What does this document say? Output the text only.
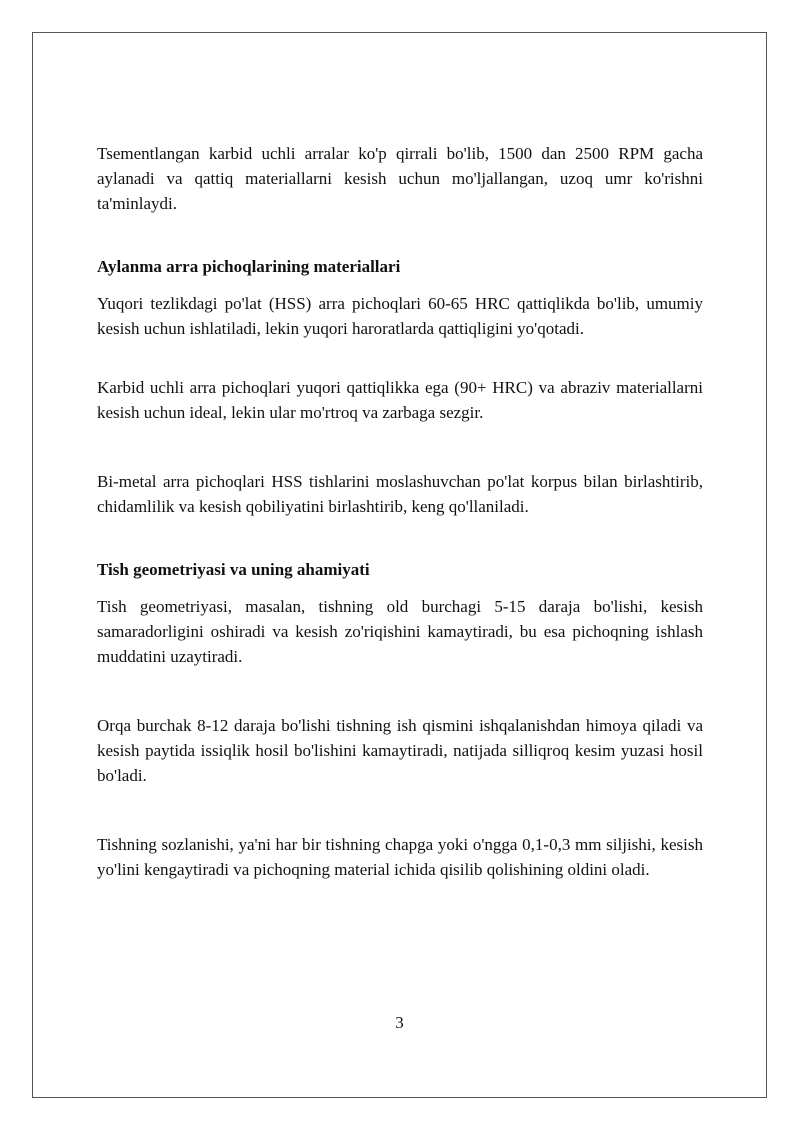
Tsementlangan karbid uchli arralar ko'p qirrali bo'lib, 1500 dan 2500 RPM gacha aylanadi va qattiq materiallarni kesish uchun mo'ljallangan, uzoq umr ko'rishni ta'minlaydi.

Aylanma arra pichoqlarining materiallari

Yuqori tezlikdagi po'lat (HSS) arra pichoqlari 60-65 HRC qattiqlikda bo'lib, umumiy kesish uchun ishlatiladi, lekin yuqori haroratlarda qattiqligini yo'qotadi.

Karbid uchli arra pichoqlari yuqori qattiqlikka ega (90+ HRC) va abraziv materiallarni kesish uchun ideal, lekin ular mo'rtroq va zarbaga sezgir.

Bi-metal arra pichoqlari HSS tishlarini moslashuvchan po'lat korpus bilan birlashtirib, chidamlilik va kesish qobiliyatini birlashtirib, keng qo'llaniladi.

Tish geometriyasi va uning ahamiyati

Tish geometriyasi, masalan, tishning old burchagi 5-15 daraja bo'lishi, kesish samaradorligini oshiradi va kesish zo'riqishini kamaytiradi, bu esa pichoqning ishlash muddatini uzaytiradi.

Orqa burchak 8-12 daraja bo'lishi tishning ish qismini ishqalanishdan himoya qiladi va kesish paytida issiqlik hosil bo'lishini kamaytiradi, natijada silliqroq kesim yuzasi hosil bo'ladi.

Tishning sozlanishi, ya'ni har bir tishning chapga yoki o'ngga 0,1-0,3 mm siljishi, kesish yo'lini kengaytiradi va pichoqning material ichida qisilib qolishining oldini oladi.

3
